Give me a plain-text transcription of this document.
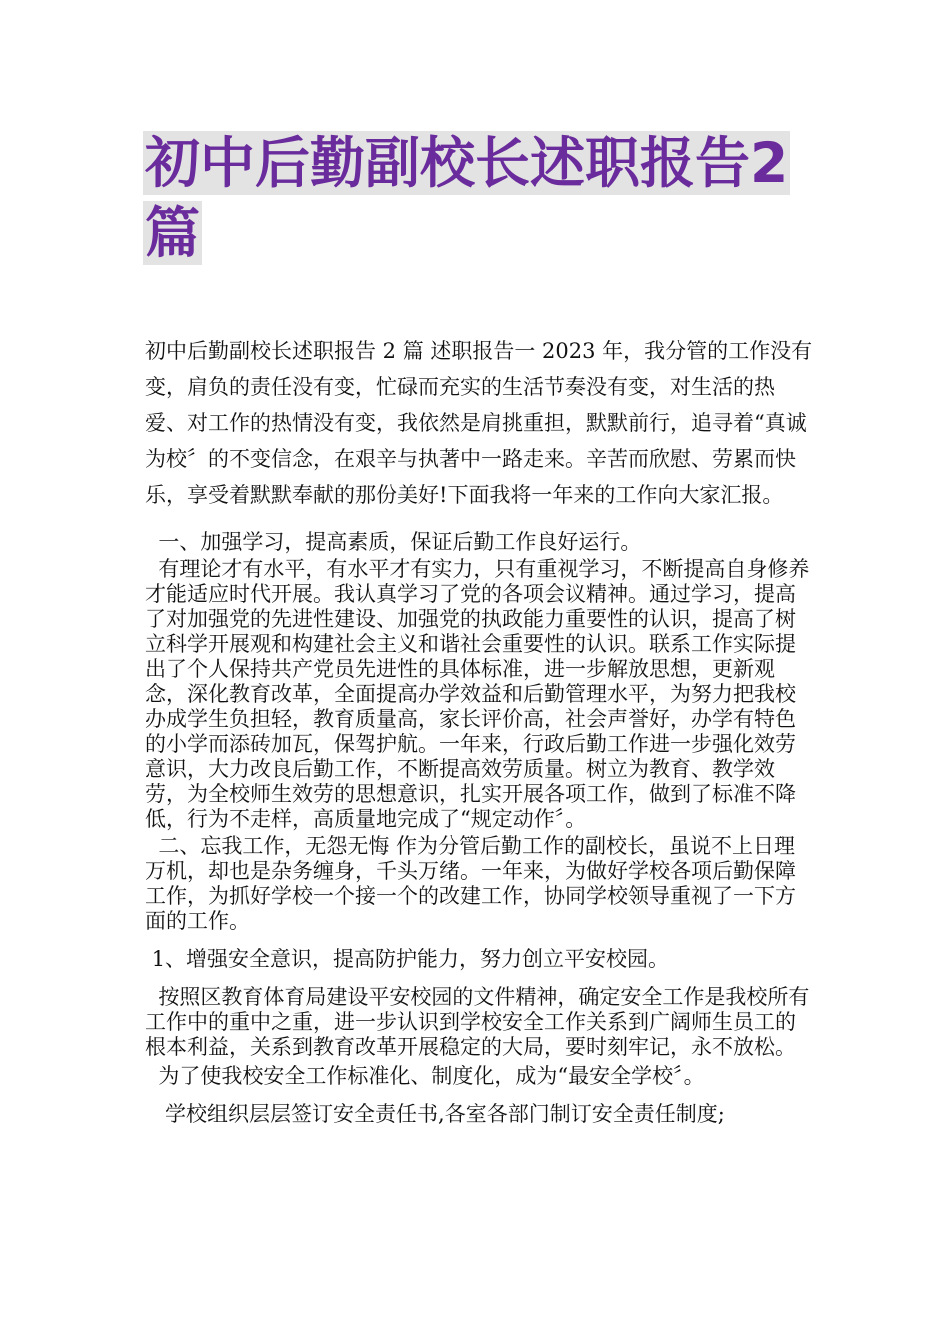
初中后勤副校长述职报告2篇

初中后勤副校长述职报告 2 篇 述职报告一 2023 年，我分管的工作没有变，肩负的责任没有变，忙碌而充实的生活节奏没有变，对生活的热爱、对工作的热情没有变，我依然是肩挑重担，默默前行，追寻着“真诚为校〞的不变信念，在艰辛与执著中一路走来。辛苦而欣慰、劳累而快乐，享受着默默奉献的那份美好!下面我将一年来的工作向大家汇报。

一、加强学习，提高素质，保证后勤工作良好运行。

有理论才有水平，有水平才有实力，只有重视学习，不断提高自身修养才能适应时代开展。我认真学习了党的各项会议精神。通过学习，提高了对加强党的先进性建设、加强党的执政能力重要性的认识，提高了树立科学开展观和构建社会主义和谐社会重要性的认识。联系工作实际提出了个人保持共产党员先进性的具体标准，进一步解放思想，更新观念，深化教育改革，全面提高办学效益和后勤管理水平，为努力把我校办成学生负担轻，教育质量高，家长评价高，社会声誉好，办学有特色的小学而添砖加瓦，保驾护航。一年来，行政后勤工作进一步强化效劳意识，大力改良后勤工作，不断提高效劳质量。树立为教育、教学效劳，为全校师生效劳的思想意识，扎实开展各项工作，做到了标准不降低，行为不走样，高质量地完成了“规定动作〞。

二、忘我工作，无怨无悔 作为分管后勤工作的副校长，虽说不上日理万机，却也是杂务缠身，千头万绪。一年来，为做好学校各项后勤保障工作，为抓好学校一个接一个的改建工作，协同学校领导重视了一下方面的工作。

1、增强安全意识，提高防护能力，努力创立平安校园。

按照区教育体育局建设平安校园的文件精神，确定安全工作是我校所有工作中的重中之重，进一步认识到学校安全工作关系到广阔师生员工的根本利益，关系到教育改革开展稳定的大局，要时刻牢记，永不放松。

为了使我校安全工作标准化、制度化，成为“最安全学校〞。

学校组织层层签订安全责任书,各室各部门制订安全责任制度;
